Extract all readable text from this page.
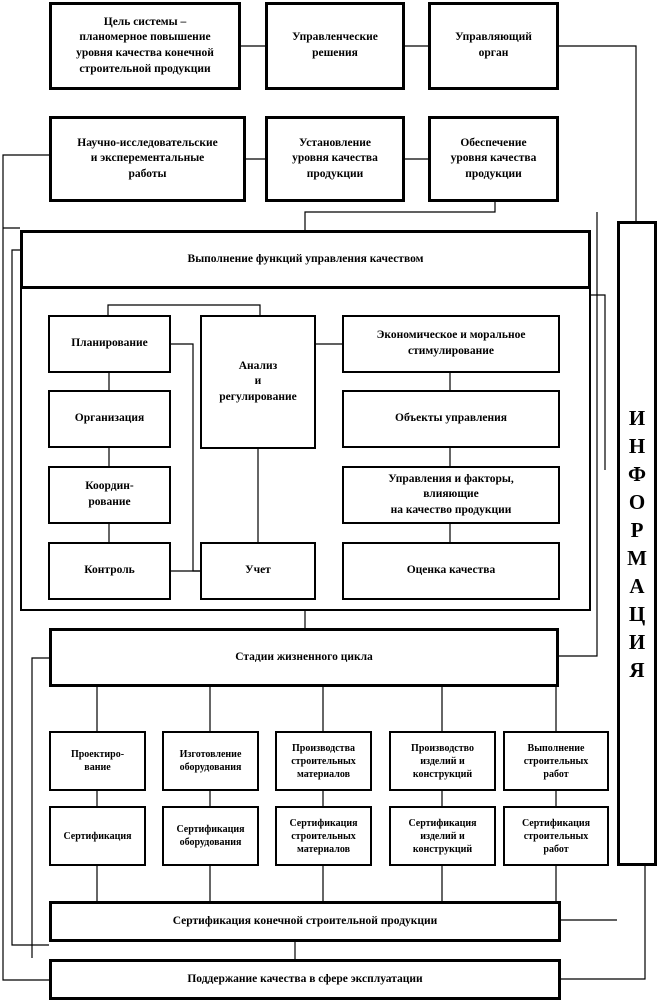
Цель системы –
планомерное повышение
уровня качества конечной
строительной продукции
Управленческие
решения
Управляющий
орган
Научно-исследовательские
и эксперементальные
работы
Установление
уровня качества
продукции
Обеспечение
уровня качества
продукции
Выполнение функций управления качеством
Планирование
Анализ
и
регулирование
Экономическое и моральное
стимулирование
Организация	Объекты управления
Координ-
рование
Управления и факторы,
влияющие
на качество продукции
Контроль	Учет	Оценка качества
Стадии жизненного цикла
Проектиро-
вание
Изготовление
оборудования
Производства
строительных
материалов
Производство
изделий и
конструкций
Выполнение
строительных
работ
Сертификация
Сертификация
оборудования
Сертификация
строительных
материалов
Сертификация
изделий и
конструкций
Сертификация
строительных
работ
Сертификация конечной строительной продукции
Поддержание качества в сфере эксплуатации
И
Н
Ф
О
Р
М
А
Ц
И
Я
